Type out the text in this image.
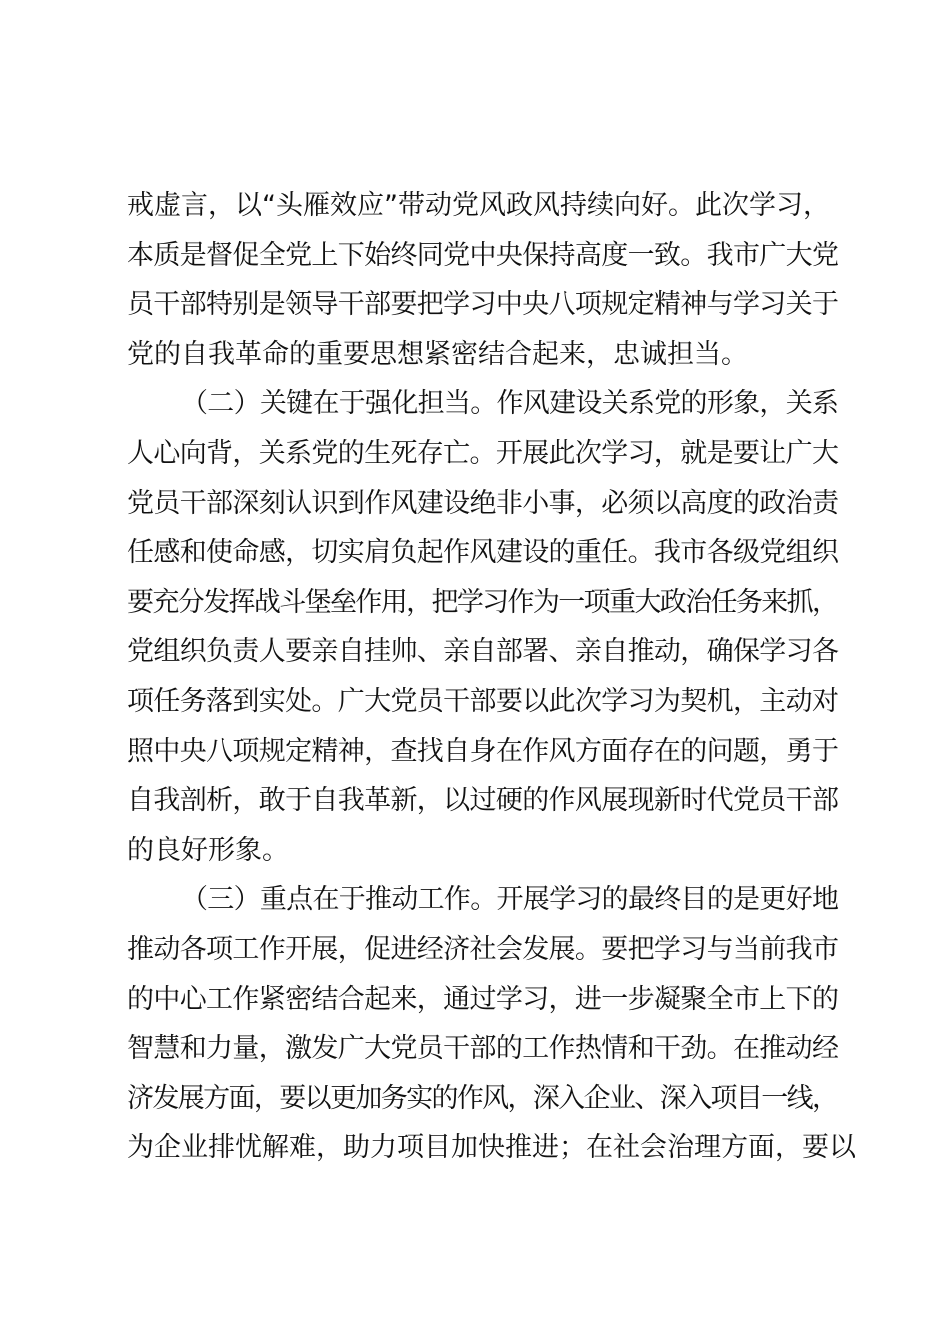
戒虚言，以“头雁效应”带动党风政风持续向好。此次学习，
本质是督促全党上下始终同党中央保持高度一致。我市广大党
员干部特别是领导干部要把学习中央八项规定精神与学习关于
党的自我革命的重要思想紧密结合起来，忠诚担当。
（二）关键在于强化担当。作风建设关系党的形象，关系
人心向背，关系党的生死存亡。开展此次学习，就是要让广大
党员干部深刻认识到作风建设绝非小事，必须以高度的政治责
任感和使命感，切实肩负起作风建设的重任。我市各级党组织
要充分发挥战斗堡垒作用，把学习作为一项重大政治任务来抓，
党组织负责人要亲自挂帅、亲自部署、亲自推动，确保学习各
项任务落到实处。广大党员干部要以此次学习为契机，主动对
照中央八项规定精神，查找自身在作风方面存在的问题，勇于
自我剖析，敢于自我革新，以过硬的作风展现新时代党员干部
的良好形象。
（三）重点在于推动工作。开展学习的最终目的是更好地
推动各项工作开展，促进经济社会发展。要把学习与当前我市
的中心工作紧密结合起来，通过学习，进一步凝聚全市上下的
智慧和力量，激发广大党员干部的工作热情和干劲。在推动经
济发展方面，要以更加务实的作风，深入企业、深入项目一线，
为企业排忧解难，助力项目加快推进；在社会治理方面，要以
